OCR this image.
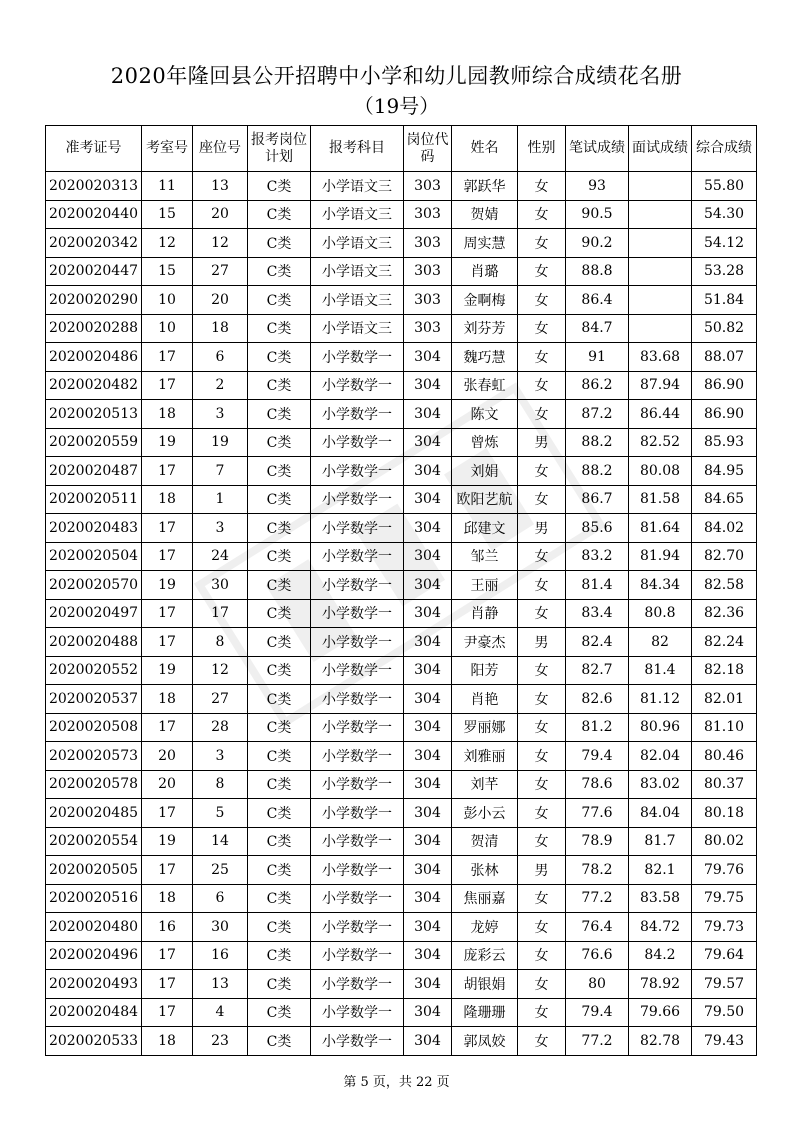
2020年隆回县公开招聘中小学和幼儿园教师综合成绩花名册
（19号）
准考证号	考室号	座位号	报考岗位计划	报考科目	岗位代码	姓名	性别	笔试成绩	面试成绩	综合成绩
2020020313	11	13	C类	小学语文三	303	郭跃华	女	93		55.80
2020020440	15	20	C类	小学语文三	303	贺婧	女	90.5		54.30
2020020342	12	12	C类	小学语文三	303	周实慧	女	90.2		54.12
2020020447	15	27	C类	小学语文三	303	肖璐	女	88.8		53.28
2020020290	10	20	C类	小学语文三	303	金啊梅	女	86.4		51.84
2020020288	10	18	C类	小学语文三	303	刘芬芳	女	84.7		50.82
2020020486	17	6	C类	小学数学一	304	魏巧慧	女	91	83.68	88.07
2020020482	17	2	C类	小学数学一	304	张春虹	女	86.2	87.94	86.90
2020020513	18	3	C类	小学数学一	304	陈文	女	87.2	86.44	86.90
2020020559	19	19	C类	小学数学一	304	曾炼	男	88.2	82.52	85.93
2020020487	17	7	C类	小学数学一	304	刘娟	女	88.2	80.08	84.95
2020020511	18	1	C类	小学数学一	304	欧阳艺航	女	86.7	81.58	84.65
2020020483	17	3	C类	小学数学一	304	邱建文	男	85.6	81.64	84.02
2020020504	17	24	C类	小学数学一	304	邹兰	女	83.2	81.94	82.70
2020020570	19	30	C类	小学数学一	304	王丽	女	81.4	84.34	82.58
2020020497	17	17	C类	小学数学一	304	肖静	女	83.4	80.8	82.36
2020020488	17	8	C类	小学数学一	304	尹豪杰	男	82.4	82	82.24
2020020552	19	12	C类	小学数学一	304	阳芳	女	82.7	81.4	82.18
2020020537	18	27	C类	小学数学一	304	肖艳	女	82.6	81.12	82.01
2020020508	17	28	C类	小学数学一	304	罗丽娜	女	81.2	80.96	81.10
2020020573	20	3	C类	小学数学一	304	刘雅丽	女	79.4	82.04	80.46
2020020578	20	8	C类	小学数学一	304	刘芊	女	78.6	83.02	80.37
2020020485	17	5	C类	小学数学一	304	彭小云	女	77.6	84.04	80.18
2020020554	19	14	C类	小学数学一	304	贺清	女	78.9	81.7	80.02
2020020505	17	25	C类	小学数学一	304	张林	男	78.2	82.1	79.76
2020020516	18	6	C类	小学数学一	304	焦丽嘉	女	77.2	83.58	79.75
2020020480	16	30	C类	小学数学一	304	龙婷	女	76.4	84.72	79.73
2020020496	17	16	C类	小学数学一	304	庞彩云	女	76.6	84.2	79.64
2020020493	17	13	C类	小学数学一	304	胡银娟	女	80	78.92	79.57
2020020484	17	4	C类	小学数学一	304	隆珊珊	女	79.4	79.66	79.50
2020020533	18	23	C类	小学数学一	304	郭凤姣	女	77.2	82.78	79.43
第 5 页，共 22 页
